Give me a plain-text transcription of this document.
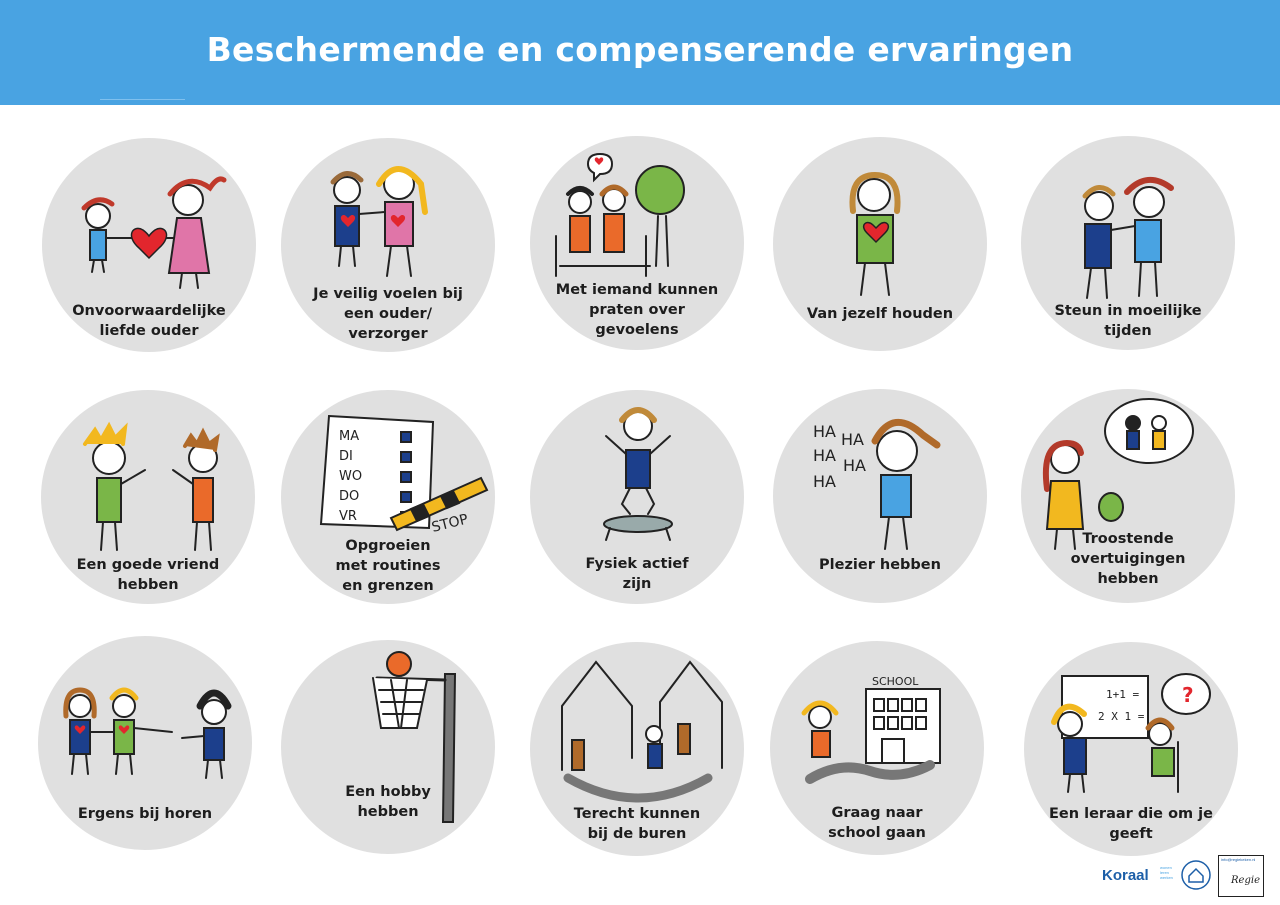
Beschermende en compenserende ervaringen
Onvoorwaardelijke
liefde ouder
Je veilig voelen bij
een ouder/
verzorger
Met iemand kunnen
praten over
gevoelens
Van jezelf houden	Steun in moeilijke
tijden
Een goede vriend
hebben
MA
DI
WO
DO
VR	STOP
Opgroeien
met routines
en grenzen
Fysiek actief
zijn
HA HA
HA
HA
HA
Plezier hebben
Troostende
overtuigingen
hebben
Ergens bij horen
Een hobby
hebben	Terecht kunnen
bij de buren
SCHOOL
Graag naar
school gaan
?
1+1 =
2 X 1 =
Een leraar die om je
geeft
Koraal	wonen leren werken
info@regiekeken.nl
Regie
